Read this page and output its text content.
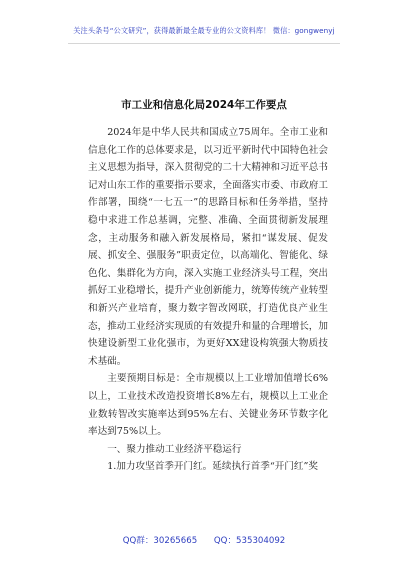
关注头条号“公文研究”，获得最新最全最专业的公文资料库！ 微信：gongwenyj
市工业和信息化局2024年工作要点

2024年是中华人民共和国成立75周年。全市工业和信息化工作的总体要求是，以习近平新时代中国特色社会主义思想为指导，深入贯彻党的二十大精神和习近平总书记对山东工作的重要指示要求，全面落实市委、市政府工作部署，围绕“一七五一”的思路目标和任务举措，坚持稳中求进工作总基调，完整、准确、全面贯彻新发展理念，主动服务和融入新发展格局，紧扣“谋发展、促发展、抓安全、强服务”职责定位，以高端化、智能化、绿色化、集群化为方向，深入实施工业经济头号工程，突出抓好工业稳增长，提升产业创新能力，统筹传统产业转型和新兴产业培育，聚力数字智改网联，打造优良产业生态，推动工业经济实现质的有效提升和量的合理增长，加快建设新型工业化强市，为更好XX建设构筑强大物质技术基础。

主要预期目标是：全市规模以上工业增加值增长6%以上，工业技术改造投资增长8%左右，规模以上工业企业数转智改实施率达到95%左右、关键业务环节数字化率达到75%以上。

一、聚力推动工业经济平稳运行

1.加力攻坚首季开门红。延续执行首季“开门红”奖

QQ群：30265665 QQ：535304092
